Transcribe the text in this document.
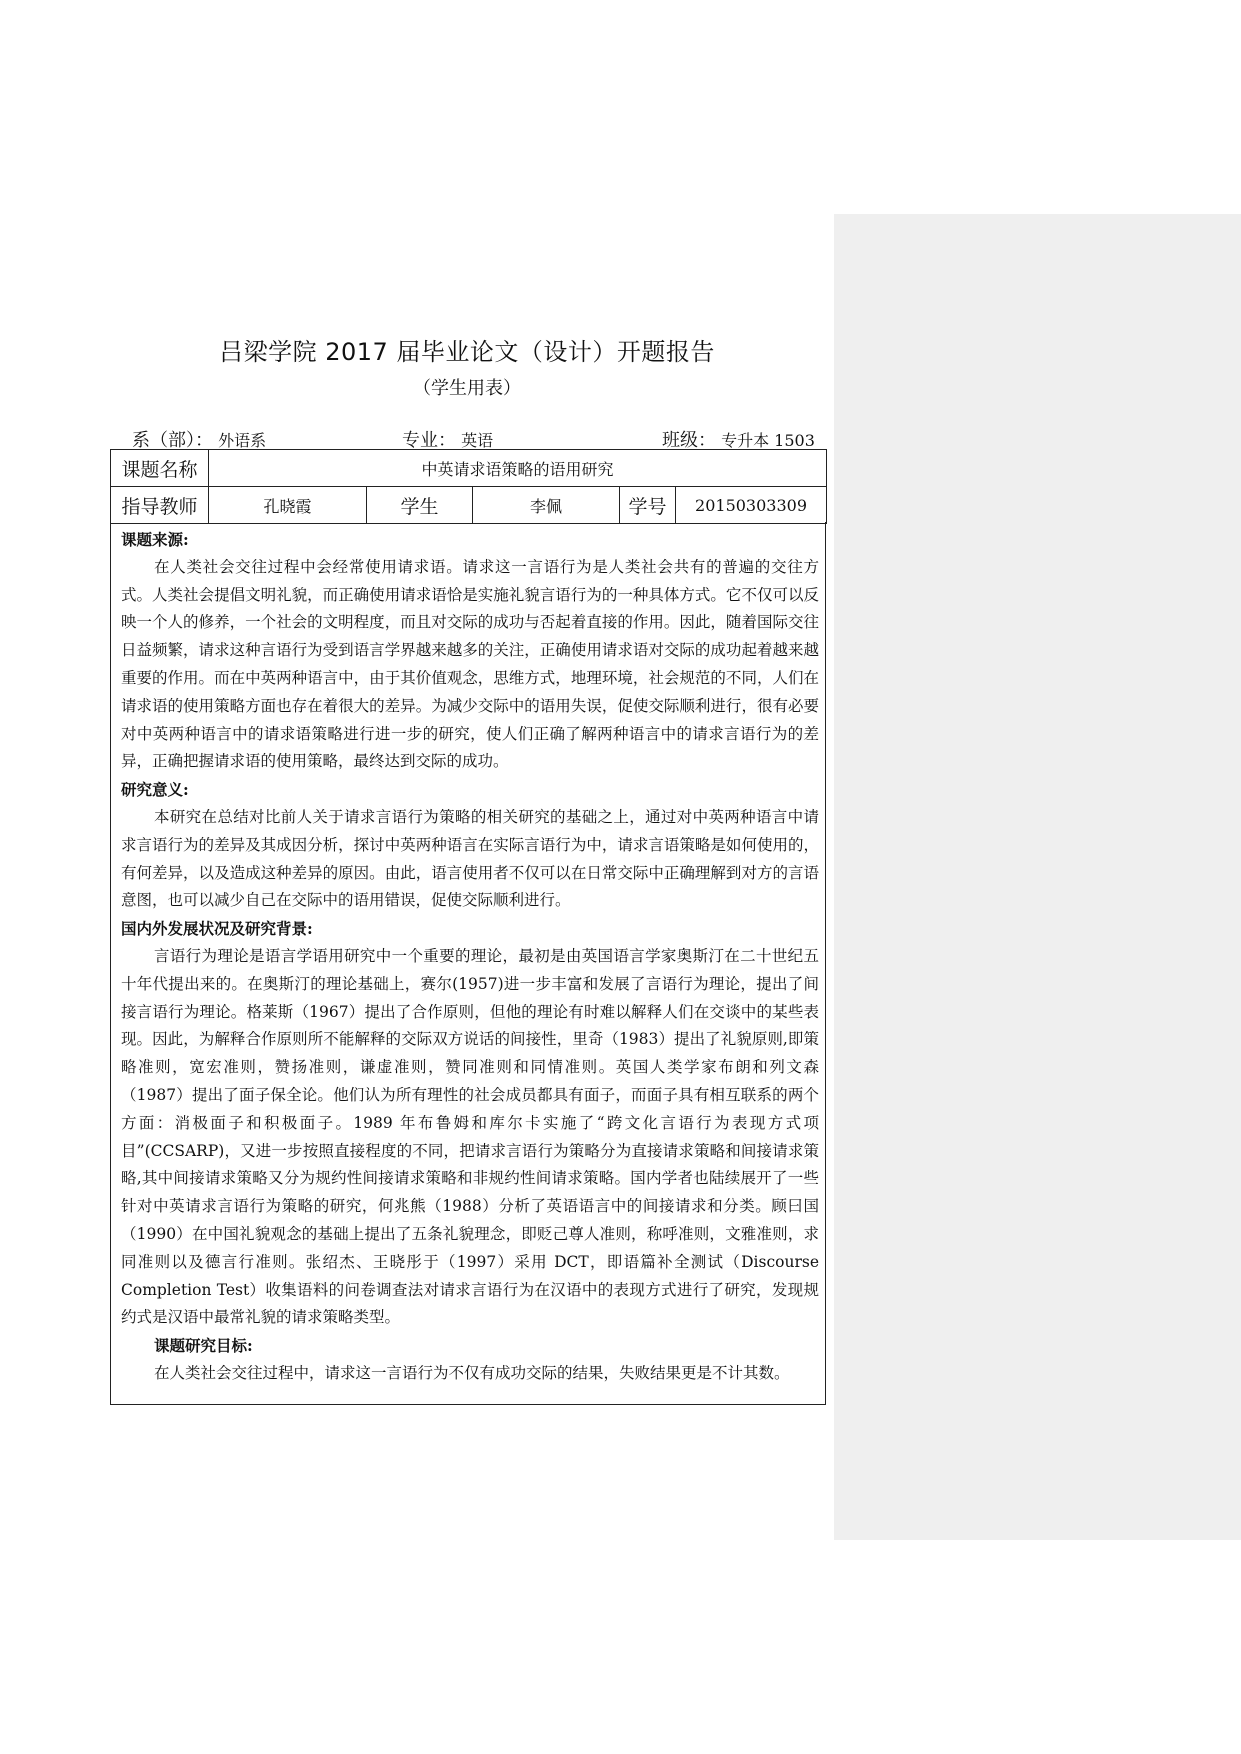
吕梁学院 2017 届毕业论文（设计）开题报告
（学生用表）
系（部）： 外语系	专业： 英语	班级： 专升本 1503
课题名称	中英请求语策略的语用研究				
指导教师	孔晓霞	学生	李佩	学号	20150303309
课题来源:

在人类社会交往过程中会经常使用请求语。请求这一言语行为是人类社会共有的普遍的交往方式。人类社会提倡文明礼貌，而正确使用请求语恰是实施礼貌言语行为的一种具体方式。它不仅可以反映一个人的修养，一个社会的文明程度，而且对交际的成功与否起着直接的作用。因此，随着国际交往日益频繁，请求这种言语行为受到语言学界越来越多的关注，正确使用请求语对交际的成功起着越来越重要的作用。而在中英两种语言中，由于其价值观念，思维方式，地理环境，社会规范的不同，人们在请求语的使用策略方面也存在着很大的差异。为减少交际中的语用失误，促使交际顺利进行，很有必要对中英两种语言中的请求语策略进行进一步的研究，使人们正确了解两种语言中的请求言语行为的差异，正确把握请求语的使用策略，最终达到交际的成功。

研究意义:

本研究在总结对比前人关于请求言语行为策略的相关研究的基础之上，通过对中英两种语言中请求言语行为的差异及其成因分析，探讨中英两种语言在实际言语行为中，请求言语策略是如何使用的，有何差异，以及造成这种差异的原因。由此，语言使用者不仅可以在日常交际中正确理解到对方的言语意图，也可以减少自己在交际中的语用错误，促使交际顺利进行。

国内外发展状况及研究背景:

言语行为理论是语言学语用研究中一个重要的理论，最初是由英国语言学家奥斯汀在二十世纪五十年代提出来的。在奥斯汀的理论基础上，赛尔(1957)进一步丰富和发展了言语行为理论，提出了间接言语行为理论。格莱斯（1967）提出了合作原则，但他的理论有时难以解释人们在交谈中的某些表现。因此，为解释合作原则所不能解释的交际双方说话的间接性，里奇（1983）提出了礼貌原则,即策略准则，宽宏准则，赞扬准则，谦虚准则，赞同准则和同情准则。英国人类学家布朗和列文森（1987）提出了面子保全论。他们认为所有理性的社会成员都具有面子，而面子具有相互联系的两个方面：消极面子和积极面子。1989 年布鲁姆和库尔卡实施了“跨文化言语行为表现方式项目”(CCSARP)，又进一步按照直接程度的不同，把请求言语行为策略分为直接请求策略和间接请求策略,其中间接请求策略又分为规约性间接请求策略和非规约性间请求策略。国内学者也陆续展开了一些针对中英请求言语行为策略的研究，何兆熊（1988）分析了英语语言中的间接请求和分类。顾曰国（1990）在中国礼貌观念的基础上提出了五条礼貌理念，即贬己尊人准则，称呼准则，文雅准则，求同准则以及德言行准则。张绍杰、王晓彤于（1997）采用 DCT，即语篇补全测试（Discourse Completion Test）收集语料的问卷调查法对请求言语行为在汉语中的表现方式进行了研究，发现规约式是汉语中最常礼貌的请求策略类型。

课题研究目标:

在人类社会交往过程中，请求这一言语行为不仅有成功交际的结果，失败结果更是不计其数。
